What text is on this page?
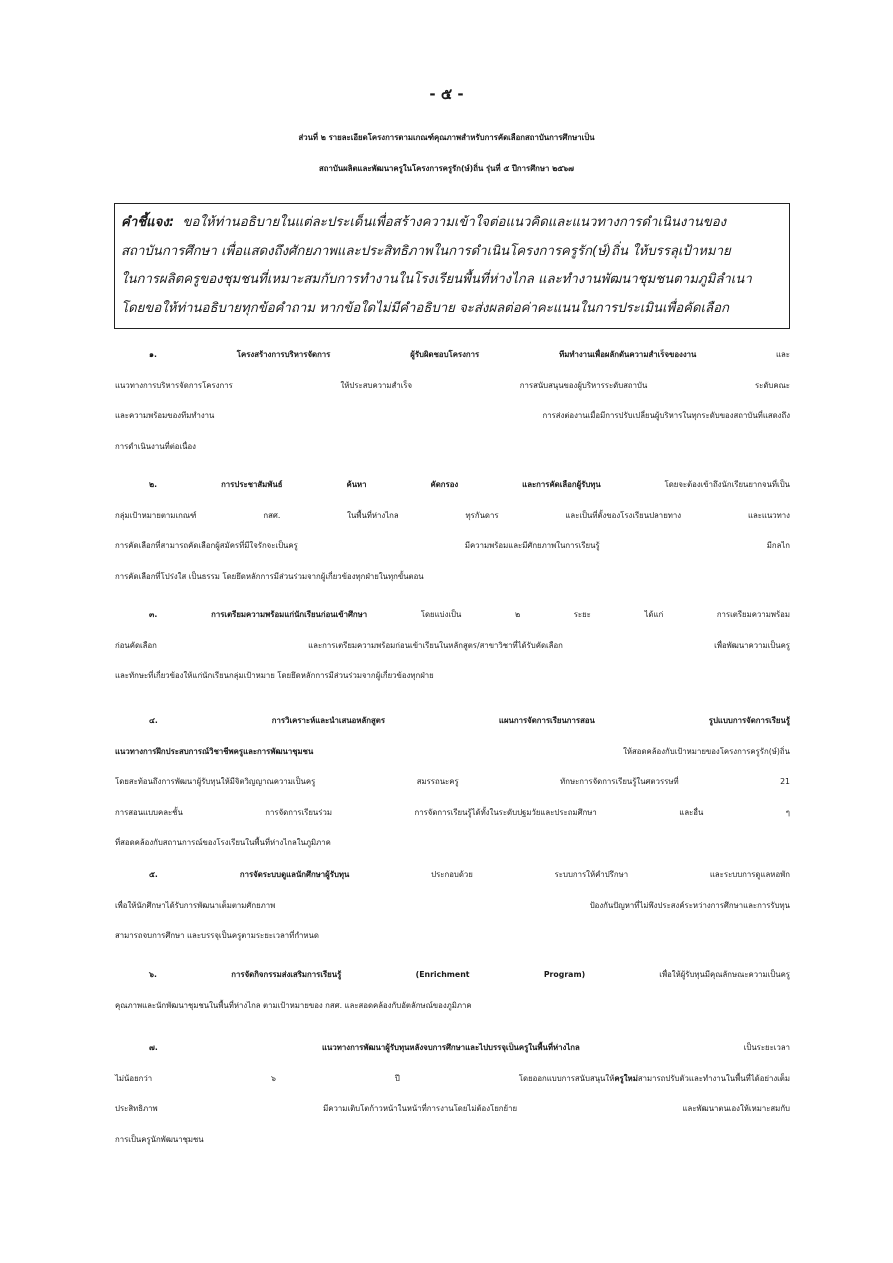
- ๕ -
ส่วนที่ ๒ รายละเอียดโครงการตามเกณฑ์คุณภาพสำหรับการคัดเลือกสถาบันการศึกษาเป็น
สถาบันผลิตและพัฒนาครูในโครงการครูรัก(ษ์)ถิ่น รุ่นที่ ๕ ปีการศึกษา ๒๕๖๗
คำชี้แจง: ขอให้ท่านอธิบายในแต่ละประเด็นเพื่อสร้างความเข้าใจต่อแนวคิดและแนวทางการดำเนินงานของ
สถาบันการศึกษา เพื่อแสดงถึงศักยภาพและประสิทธิภาพในการดำเนินโครงการครูรัก(ษ์)ถิ่น ให้บรรลุเป้าหมาย
ในการผลิตครูของชุมชนที่เหมาะสมกับการทำงานในโรงเรียนพื้นที่ห่างไกล และทำงานพัฒนาชุมชนตามภูมิลำเนา
โดยขอให้ท่านอธิบายทุกข้อคำถาม หากข้อใดไม่มีคำอธิบาย จะส่งผลต่อค่าคะแนนในการประเมินเพื่อคัดเลือก
๑. โครงสร้างการบริหารจัดการ ผู้รับผิดชอบโครงการ ทีมทำงานเพื่อผลักดันความสำเร็จของงาน และ
แนวทางการบริหารจัดการโครงการ ให้ประสบความสำเร็จ การสนับสนุนของผู้บริหารระดับสถาบัน ระดับคณะ
และความพร้อมของทีมทำงาน การส่งต่องานเมื่อมีการปรับเปลี่ยนผู้บริหารในทุกระดับของสถาบันที่แสดงถึง
การดำเนินงานที่ต่อเนื่อง
๒. การประชาสัมพันธ์ ค้นหา คัดกรอง และการคัดเลือกผู้รับทุน โดยจะต้องเข้าถึงนักเรียนยากจนที่เป็น
กลุ่มเป้าหมายตามเกณฑ์ กสศ. ในพื้นที่ห่างไกล ทุรกันดาร และเป็นที่ตั้งของโรงเรียนปลายทาง และแนวทาง
การคัดเลือกที่สามารถคัดเลือกผู้สมัครที่มีใจรักจะเป็นครู มีความพร้อมและมีศักยภาพในการเรียนรู้ มีกลไก
การคัดเลือกที่โปร่งใส เป็นธรรม โดยยึดหลักการมีส่วนร่วมจากผู้เกี่ยวข้องทุกฝ่ายในทุกขั้นตอน
๓. การเตรียมความพร้อมแก่นักเรียนก่อนเข้าศึกษา โดยแบ่งเป็น ๒ ระยะ ได้แก่ การเตรียมความพร้อม
ก่อนคัดเลือก และการเตรียมความพร้อมก่อนเข้าเรียนในหลักสูตร/สาขาวิชาที่ได้รับคัดเลือก เพื่อพัฒนาความเป็นครู
และทักษะที่เกี่ยวข้องให้แก่นักเรียนกลุ่มเป้าหมาย โดยยึดหลักการมีส่วนร่วมจากผู้เกี่ยวข้องทุกฝ่าย
๔. การวิเคราะห์และนำเสนอหลักสูตร แผนการจัดการเรียนการสอน รูปแบบการจัดการเรียนรู้
แนวทางการฝึกประสบการณ์วิชาชีพครูและการพัฒนาชุมชน ให้สอดคล้องกับเป้าหมายของโครงการครูรัก(ษ์)ถิ่น
โดยสะท้อนถึงการพัฒนาผู้รับทุนให้มีจิตวิญญาณความเป็นครู สมรรถนะครู ทักษะการจัดการเรียนรู้ในศตวรรษที่ 21
การสอนแบบคละชั้น การจัดการเรียนร่วม การจัดการเรียนรู้ได้ทั้งในระดับปฐมวัยและประถมศึกษา และอื่น ๆ
ที่สอดคล้องกับสถานการณ์ของโรงเรียนในพื้นที่ห่างไกลในภูมิภาค
๕. การจัดระบบดูแลนักศึกษาผู้รับทุน ประกอบด้วย ระบบการให้คำปรึกษา และระบบการดูแลหอพัก
เพื่อให้นักศึกษาได้รับการพัฒนาเต็มตามศักยภาพ ป้องกันปัญหาที่ไม่พึงประสงค์ระหว่างการศึกษาและการรับทุน
สามารถจบการศึกษา และบรรจุเป็นครูตามระยะเวลาที่กำหนด
๖. การจัดกิจกรรมส่งเสริมการเรียนรู้ (Enrichment Program) เพื่อให้ผู้รับทุนมีคุณลักษณะความเป็นครู
คุณภาพและนักพัฒนาชุมชนในพื้นที่ห่างไกล ตามเป้าหมายของ กสศ. และสอดคล้องกับอัตลักษณ์ของภูมิภาค
๗. แนวทางการพัฒนาผู้รับทุนหลังจบการศึกษาและไปบรรจุเป็นครูในพื้นที่ห่างไกล เป็นระยะเวลา
ไม่น้อยกว่า ๖ ปี โดยออกแบบการสนับสนุนให้ครูใหม่สามารถปรับตัวและทำงานในพื้นที่ได้อย่างเต็ม
ประสิทธิภาพ มีความเติบโตก้าวหน้าในหน้าที่การงานโดยไม่ต้องโยกย้าย และพัฒนาตนเองให้เหมาะสมกับ
การเป็นครูนักพัฒนาชุมชน
